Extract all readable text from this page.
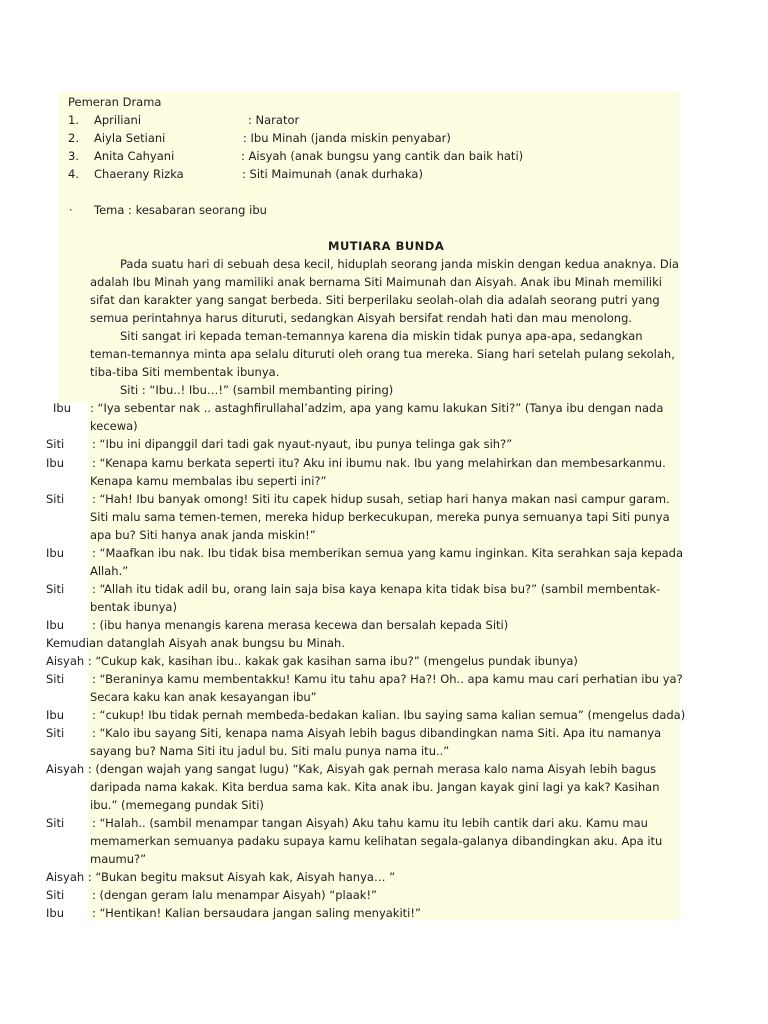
Pemeran Drama
1. Apriliani	: Narator
2. Aiyla Setiani	: Ibu Minah (janda miskin penyabar)
3. Anita Cahyani	: Aisyah (anak bungsu yang cantik dan baik hati)
4. Chaerany Rizka	: Siti Maimunah (anak durhaka)
· Tema : kesabaran seorang ibu
MUTIARA BUNDA
Pada suatu hari di sebuah desa kecil, hiduplah seorang janda miskin dengan kedua anaknya. Dia
adalah Ibu Minah yang mamiliki anak bernama Siti Maimunah dan Aisyah. Anak ibu Minah memiliki
sifat dan karakter yang sangat berbeda. Siti berperilaku seolah-olah dia adalah seorang putri yang
semua perintahnya harus dituruti, sedangkan Aisyah bersifat rendah hati dan mau menolong.
Siti sangat iri kepada teman-temannya karena dia miskin tidak punya apa-apa, sedangkan
teman-temannya minta apa selalu dituruti oleh orang tua mereka. Siang hari setelah pulang sekolah,
tiba-tiba Siti membentak ibunya.
Siti : “Ibu..! Ibu…!” (sambil membanting piring)
Ibu : “Iya sebentar nak .. astaghfirullahal’adzim, apa yang kamu lakukan Siti?” (Tanya ibu dengan nada
kecewa)
Siti : “Ibu ini dipanggil dari tadi gak nyaut-nyaut, ibu punya telinga gak sih?”
Ibu : “Kenapa kamu berkata seperti itu? Aku ini ibumu nak. Ibu yang melahirkan dan membesarkanmu.
Kenapa kamu membalas ibu seperti ini?”
Siti : “Hah! Ibu banyak omong! Siti itu capek hidup susah, setiap hari hanya makan nasi campur garam.
Siti malu sama temen-temen, mereka hidup berkecukupan, mereka punya semuanya tapi Siti punya
apa bu? Siti hanya anak janda miskin!”
Ibu : “Maafkan ibu nak. Ibu tidak bisa memberikan semua yang kamu inginkan. Kita serahkan saja kepada
Allah.”
Siti : “Allah itu tidak adil bu, orang lain saja bisa kaya kenapa kita tidak bisa bu?” (sambil membentak-
bentak ibunya)
Ibu : (ibu hanya menangis karena merasa kecewa dan bersalah kepada Siti)
Kemudian datanglah Aisyah anak bungsu bu Minah.
Aisyah : “Cukup kak, kasihan ibu.. kakak gak kasihan sama ibu?” (mengelus pundak ibunya)
Siti : “Beraninya kamu membentakku! Kamu itu tahu apa? Ha?! Oh.. apa kamu mau cari perhatian ibu ya?
Secara kaku kan anak kesayangan ibu”
Ibu : “cukup! Ibu tidak pernah membeda-bedakan kalian. Ibu saying sama kalian semua” (mengelus dada)
Siti : “Kalo ibu sayang Siti, kenapa nama Aisyah lebih bagus dibandingkan nama Siti. Apa itu namanya
sayang bu? Nama Siti itu jadul bu. Siti malu punya nama itu..”
Aisyah : (dengan wajah yang sangat lugu) “Kak, Aisyah gak pernah merasa kalo nama Aisyah lebih bagus
daripada nama kakak. Kita berdua sama kak. Kita anak ibu. Jangan kayak gini lagi ya kak? Kasihan
ibu.” (memegang pundak Siti)
Siti : “Halah.. (sambil menampar tangan Aisyah) Aku tahu kamu itu lebih cantik dari aku. Kamu mau
memamerkan semuanya padaku supaya kamu kelihatan segala-galanya dibandingkan aku. Apa itu
maumu?”
Aisyah : “Bukan begitu maksut Aisyah kak, Aisyah hanya… ”
Siti : (dengan geram lalu menampar Aisyah) “plaak!”
Ibu : “Hentikan! Kalian bersaudara jangan saling menyakiti!”
